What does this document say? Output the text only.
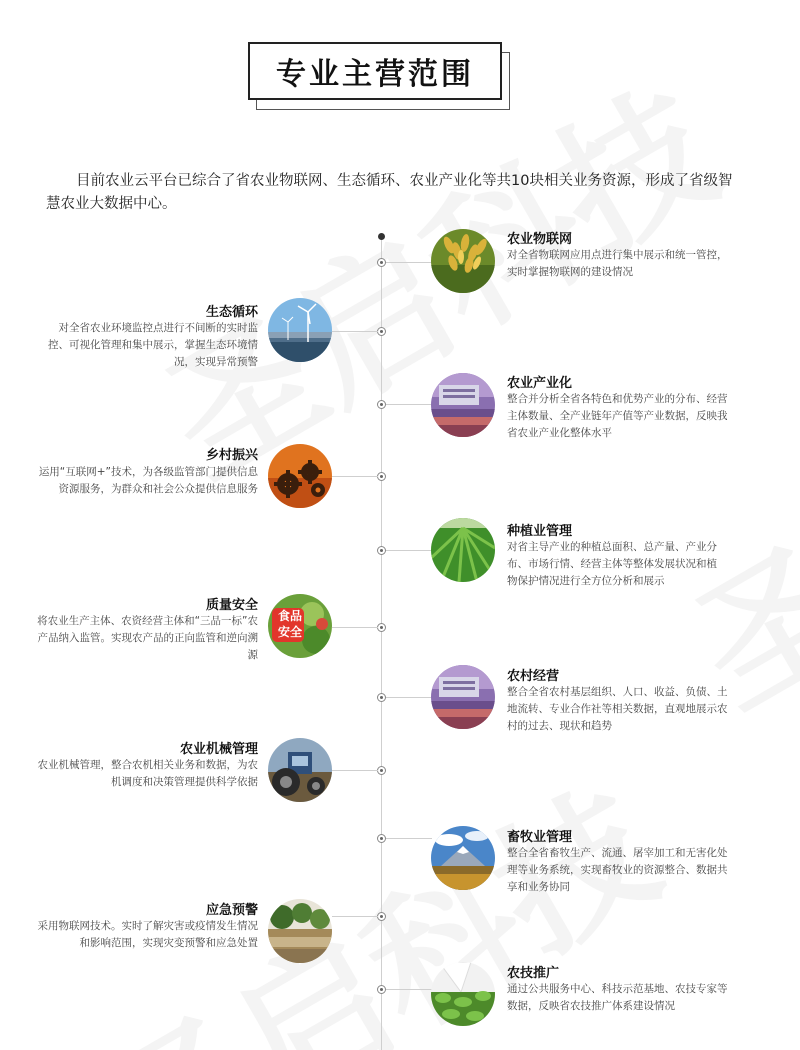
专业主营范围

目前农业云平台已综合了省农业物联网、生态循环、农业产业化等共10块相关业务资源，形成了省级智慧农业大数据中心。

农业物联网
对全省物联网应用点进行集中展示和统一管控，实时掌握物联网的建设情况
生态循环
对全省农业环境监控点进行不间断的实时监控、可视化管理和集中展示，掌握生态环境情况，实现异常预警
农业产业化
整合并分析全省各特色和优势产业的分布、经营主体数量、全产业链年产值等产业数据，反映我省农业产业化整体水平
乡村振兴
运用“互联网+”技术，为各级监管部门提供信息资源服务，为群众和社会公众提供信息服务
种植业管理
对省主导产业的种植总面积、总产量、产业分布、市场行情、经营主体等整体发展状况和植物保护情况进行全方位分析和展示
食品安全
质量安全
将农业生产主体、农资经营主体和“三品一标”农产品纳入监管。实现农产品的正向监管和逆向溯源
农村经营
整合全省农村基层组织、人口、收益、负债、土地流转、专业合作社等相关数据，直观地展示农村的过去、现状和趋势
农业机械管理
农业机械管理，整合农机相关业务和数据，为农机调度和决策管理提供科学依据
畜牧业管理
整合全省畜牧生产、流通、屠宰加工和无害化处理等业务系统，实现畜牧业的资源整合、数据共享和业务协同
应急预警
采用物联网技术。实时了解灾害或疫情发生情况和影响范围，实现灾变预警和应急处置
农技推广
通过公共服务中心、科技示范基地、农技专家等数据，反映省农技推广体系建设情况
